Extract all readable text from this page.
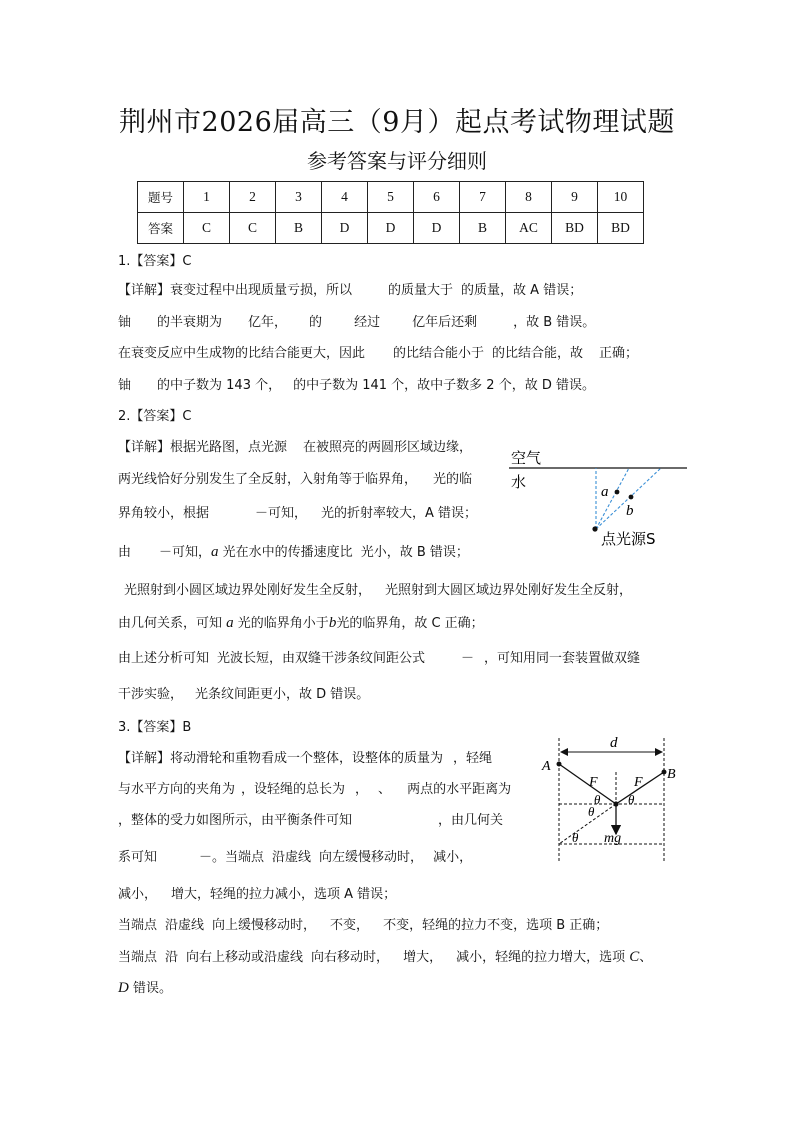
荆州市2026届高三（9月）起点考试物理试题
参考答案与评分细则
题号	1	2	3	4	5	6	7	8	9	10
答案	C	C	B	D	D	D	B	AC	BD	BD
1.【答案】C
【详解】衰变过程中出现质量亏损，所以	的质量大于 的质量，故 A 错误；
铀 的半衰期为 亿年， 的 经过 亿年后还剩	，故 B 错误。
在衰变反应中生成物的比结合能更大，因此 的比结合能小于 的比结合能，故 正确；
铀 的中子数为 143 个， 的中子数为 141 个，故中子数多 2 个，故 D 错误。
2.【答案】C
【详解】根据光路图，点光源 在被照亮的两圆形区域边缘，
两光线恰好分别发生了全反射，入射角等于临界角， 光的临
界角较小，根据	－可知， 光的折射率较大，A 错误；
由 －可知，a 光在水中的传播速度比 光小，故 B 错误；
空气
水
a
b
点光源S
光照射到小圆区域边界处刚好发生全反射， 光照射到大圆区域边界处刚好发生全反射，
由几何关系，可知 a 光的临界角小于b光的临界角，故 C 正确；
由上述分析可知 光波长短，由双缝干涉条纹间距公式	－ ，可知用同一套装置做双缝
干涉实验， 光条纹间距更小，故 D 错误。
3.【答案】B
【详解】将动滑轮和重物看成一个整体，设整体的质量为 ，轻绳
与水平方向的夹角为 ，设轻绳的总长为 ， 、 两点的水平距离为
，整体的受力如图所示，由平衡条件可知	，由几何关
系可知	－。当端点 沿虚线 向左缓慢移动时， 减小，
减小， 增大，轻绳的拉力减小，选项 A 错误；
当端点 沿虚线 向上缓慢移动时， 不变， 不变，轻绳的拉力不变，选项 B 正确；
当端点 沿 向右上移动或沿虚线 向右移动时， 增大， 减小，轻绳的拉力增大，选项 C、
D 错误。
d
A
B
F	F
θ θ
θ
θ mg
